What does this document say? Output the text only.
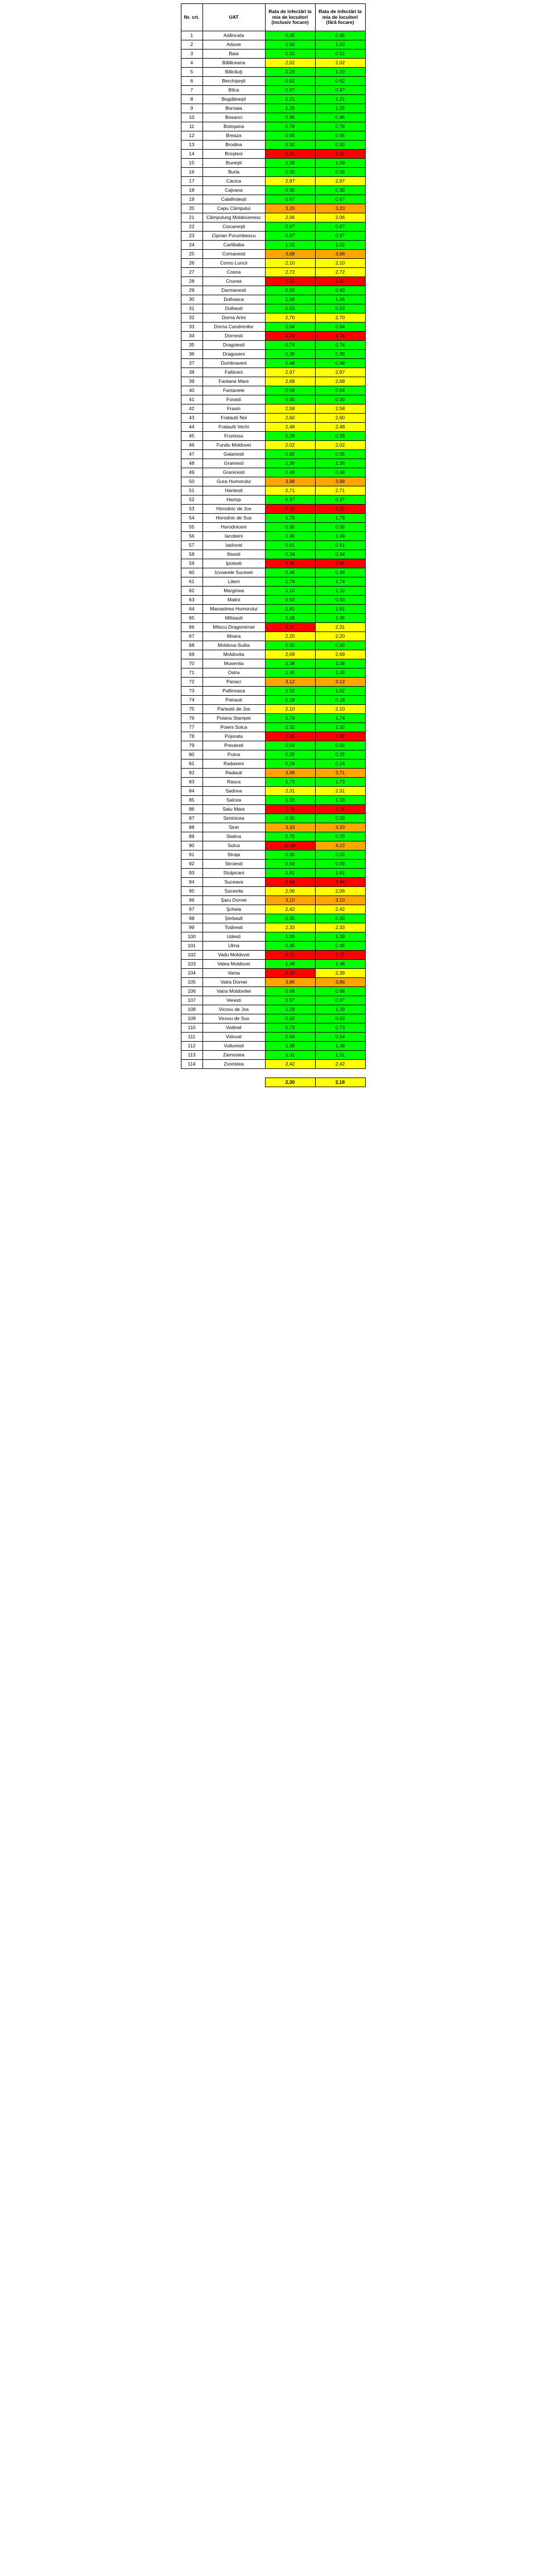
Nr. crt.	UAT	Rata de infectări la mia de locuitori (inclusiv focare)	Rata de infectări la mia de locuitori (fără focare)
1	Adâncata	0,45	0,45
2	Arbore	1,50	1,50
3	Baia	0,52	0,52
4	Bălăceana	2,02	2,02
5	Bălcăuţi	1,23	1,23
6	Berchişeşti	0,62	0,62
7	Bilca	0,97	0,97
8	Bogdăneşti	1,21	1,21
9	Boroaia	1,25	1,25
10	Bosanci	0,96	0,96
11	Botoşana	0,76	0,76
12	Breaza	0,65	0,65
13	Brodina	0,50	0,50
14	Broşteni	3,31	3,31
15	Buneşti	1,09	1,09
16	Burla	0,00	0,00
17	Cacica	2,97	2,97
18	Cajvana	0,30	0,30
19	Calafindeşti	0,67	0,67
20	Capu Câmpului	3,20	3,20
21	Câmpulung Moldovenesc	2,06	2,06
22	Ciocaneşti	0,67	0,67
23	Ciprian Porumbescu	0,87	0,87
24	Carlibaba	1,02	1,02
25	Comanesti	3,68	3,68
26	Cornu Luncii	2,10	2,10
27	Cosna	2,72	2,72
28	Crucea	3,52	3,52
29	Darmanesti	0,83	0,83
30	Dolhasca	1,56	1,56
31	Dolhesti	0,53	0,53
32	Dorna Arini	2,70	2,70
33	Dorna Candrenilor	0,64	0,64
34	Dornesti	4,74	4,74
35	Dragoiesti	0,74	0,74
36	Draguseni	0,39	0,39
37	Dumbraveni	0,48	0,48
38	Falticeni	2,97	2,97
39	Fantana Mare	2,68	2,68
40	Fantanele	0,64	0,64
41	Forasti	0,00	0,00
42	Frasin	2,58	2,58
43	Fratautii Noi	2,60	2,60
44	Fratautii Vechi	2,48	2,48
45	Frumosu	0,29	0,29
46	Fundu Moldovei	2,02	2,02
47	Galanesti	0,65	0,65
48	Gramesti	1,36	1,36
49	Granicesti	0,48	0,48
50	Gura Humorului	3,98	3,98
51	Hantesti	2,71	2,71
52	Hartop	0,37	0,37
53	Horodnic de Jos	5,20	5,20
54	Horodnic de Sus	1,79	1,79
55	Horodniceni	0,00	0,00
56	Iacobeni	1,49	1,49
57	Iaslovat	0,61	0,61
58	Ilisesti	0,34	0,34
59	Ipotesti	3,86	3,86
60	Izvoarele Sucevei	0,46	0,46
61	Liteni	1,74	1,74
62	Marginea	1,10	1,10
63	Malini	0,63	0,63
64	Manastirea Humorului	1,81	1,81
65	Milisauti	1,06	1,06
66	Mitocu Dragomirnei	3,37	2,31
67	Moara	2,20	2,20
68	Moldova-Sulita	0,00	0,00
69	Moldovita	2,69	2,69
70	Musenita	1,08	1,08
71	Ostra	1,45	1,45
72	Panaci	3,12	3,12
73	Paltinoasa	1,62	1,62
74	Patrauti	0,18	0,18
75	Partestii de Jos	2,10	2,10
76	Poiana Stampei	1,74	1,74
77	Poieni Solca	1,32	1,32
78	Pojorata	3,35	3,35
79	Preutesti	0,56	0,56
80	Putna	0,25	0,25
81	Radaseni	0,24	0,24
82	Radauti	3,98	3,71
83	Rasca	1,73	1,73
84	Sadova	2,31	2,31
85	Salcea	1,33	1,33
86	Satu Mare	3,76	3,76
87	Siminicea	0,00	0,00
88	Siret	3,33	3,33
89	Slatina	0,70	0,70
90	Solca	20,98	4,12
91	Straja	0,00	0,00
92	Stroiesti	0,59	0,59
93	Stulpicani	1,81	1,81
94	Suceava	3,84	3,84
95	Sucevita	2,06	2,06
96	Şaru Dornei	3,10	3,10
97	Şcheia	2,42	2,42
98	Şerbauti	0,30	0,30
99	Todiresti	2,33	2,33
100	Udesti	1,09	1,09
101	Ulma	0,45	0,45
102	Vadu Moldovei	3,73	3,73
103	Valea Moldovei	1,48	1,48
104	Vama	8,16	2,39
105	Vatra Dornei	3,86	3,86
106	Vatra Moldovitei	0,68	0,68
107	Veresti	0,67	0,67
108	Vicovu de Jos	1,29	1,29
109	Vicovu de Sus	0,63	0,63
110	Voitinel	0,73	0,73
111	Volovat	0,64	0,64
112	Vulturesti	1,38	1,38
113	Zamostea	1,31	1,31
114	Zvoristea	2,42	2,42

		2,30	2,18
